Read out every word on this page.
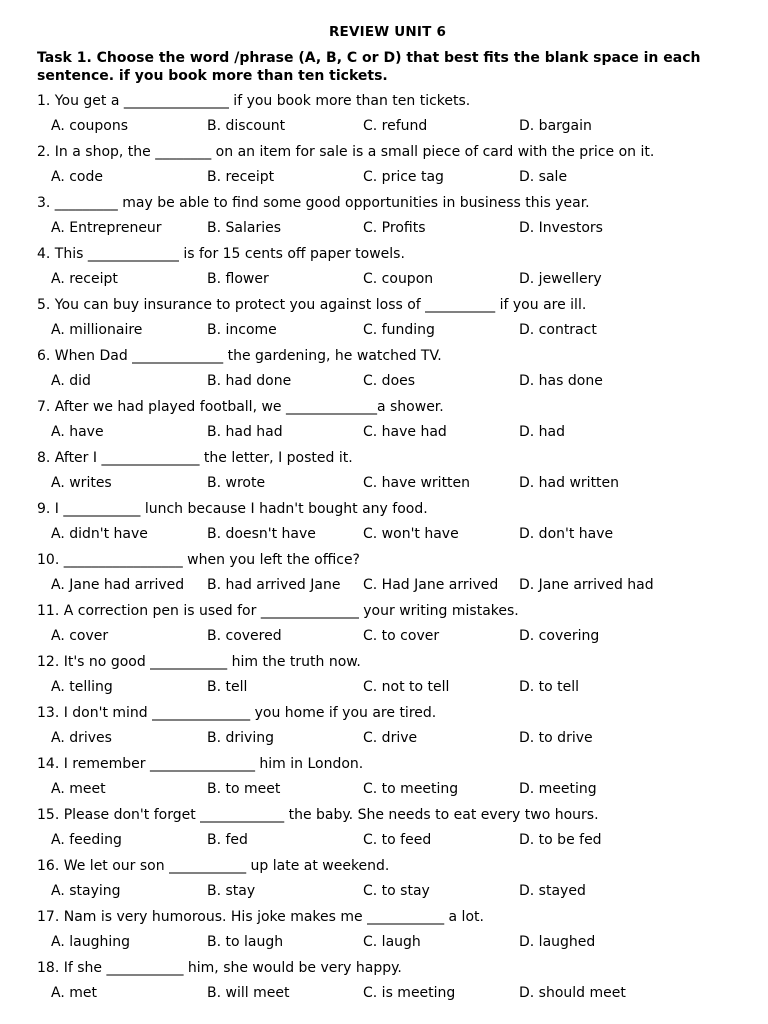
REVIEW UNIT 6
Task 1. Choose the word /phrase (A, B, C or D) that best fits the blank space in each sentence. if you book more than ten tickets.
1. You get a _______________ if you book more than ten tickets.
A. coupons	B. discount	C. refund	D. bargain
2. In a shop, the ________ on an item for sale is a small piece of card with the price on it.
A. code	B. receipt	C. price tag	D. sale
3. _________ may be able to find some good opportunities in business this year.
A. Entrepreneur	B. Salaries	C. Profits	D. Investors
4. This _____________ is for 15 cents off paper towels.
A. receipt	B. flower	C. coupon	D. jewellery
5. You can buy insurance to protect you against loss of __________ if you are ill.
A. millionaire	B. income	C. funding	D. contract
6. When Dad _____________ the gardening, he watched TV.
A. did	B. had done	C. does	D. has done
7. After we had played football, we _____________a shower.
A. have	B. had had	C. have had	D. had
8. After I ______________ the letter, I posted it.
A. writes	B. wrote	C. have written	D. had written
9. I ___________ lunch because I hadn't bought any food.
A. didn't have	B. doesn't have	C. won't have	D. don't have
10. _________________ when you left the office?
A. Jane had arrived	B. had arrived Jane	C. Had Jane arrived	D. Jane arrived had
11. A correction pen is used for ______________ your writing mistakes.
A. cover	B. covered	C. to cover	D. covering
12. It's no good ___________ him the truth now.
A. telling	B. tell	C. not to tell	D. to tell
13. I don't mind ______________ you home if you are tired.
A. drives	B. driving	C. drive	D. to drive
14. I remember _______________ him in London.
A. meet	B. to meet	C. to meeting	D. meeting
15. Please don't forget ____________ the baby. She needs to eat every two hours.
A. feeding	B. fed	C. to feed	D. to be fed
16. We let our son ___________ up late at weekend.
A. staying	B. stay	C. to stay	D. stayed
17. Nam is very humorous. His joke makes me ___________ a lot.
A. laughing	B. to laugh	C. laugh	D. laughed
18. If she ___________ him, she would be very happy.
A. met	B. will meet	C. is meeting	D. should meet
